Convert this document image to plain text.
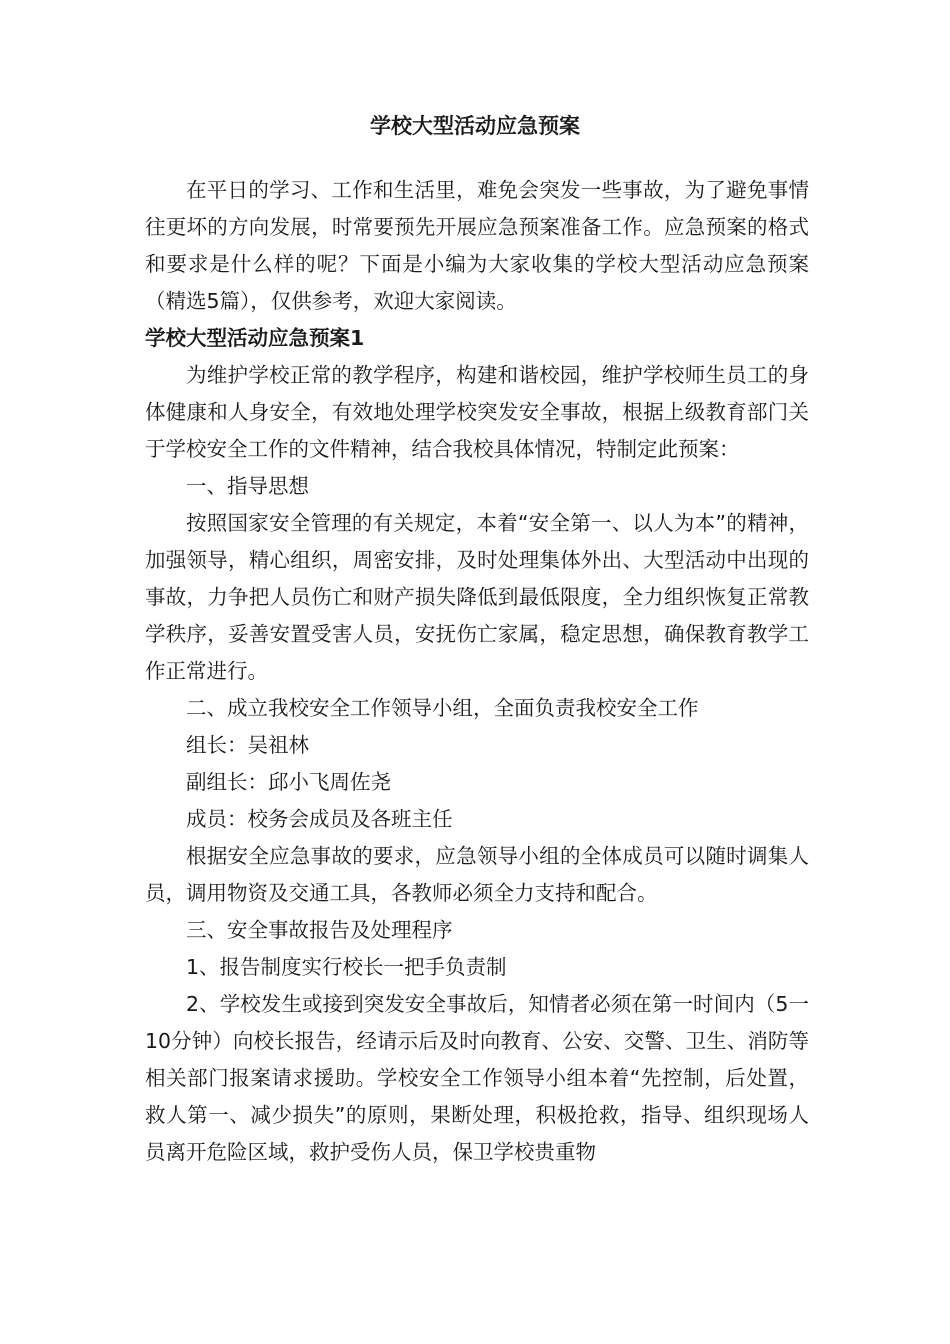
学校大型活动应急预案

在平日的学习、工作和生活里，难免会突发一些事故，为了避免事情往更坏的方向发展，时常要预先开展应急预案准备工作。应急预案的格式和要求是什么样的呢？下面是小编为大家收集的学校大型活动应急预案（精选5篇），仅供参考，欢迎大家阅读。

学校大型活动应急预案1

为维护学校正常的教学程序，构建和谐校园，维护学校师生员工的身体健康和人身安全，有效地处理学校突发安全事故，根据上级教育部门关于学校安全工作的文件精神，结合我校具体情况，特制定此预案：

一、指导思想

按照国家安全管理的有关规定，本着“安全第一、以人为本”的精神，加强领导，精心组织，周密安排，及时处理集体外出、大型活动中出现的事故，力争把人员伤亡和财产损失降低到最低限度，全力组织恢复正常教学秩序，妥善安置受害人员，安抚伤亡家属，稳定思想，确保教育教学工作正常进行。

二、成立我校安全工作领导小组，全面负责我校安全工作

组长：吴祖林

副组长：邱小飞周佐尧

成员：校务会成员及各班主任

根据安全应急事故的要求，应急领导小组的全体成员可以随时调集人员，调用物资及交通工具，各教师必须全力支持和配合。

三、安全事故报告及处理程序

1、报告制度实行校长一把手负责制

2、学校发生或接到突发安全事故后，知情者必须在第一时间内（5一10分钟）向校长报告，经请示后及时向教育、公安、交警、卫生、消防等相关部门报案请求援助。学校安全工作领导小组本着“先控制，后处置，救人第一、减少损失”的原则，果断处理，积极抢救，指导、组织现场人员离开危险区域，救护受伤人员，保卫学校贵重物
